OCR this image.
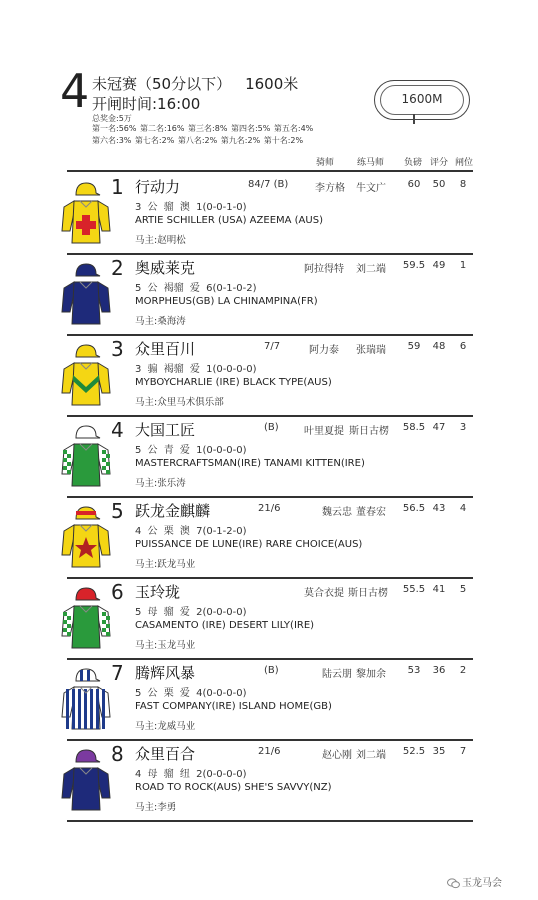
4 未冠赛（50分以下） 1600米
开闸时间:16:00
总奖金:5万
第一名:56% 第二名:16% 第三名:8% 第四名:5% 第五名:4%
第六名:3% 第七名:2% 第八名:2% 第九名:2% 第十名:2%
1600M
骑师	练马师 负磅 评分 闸位
1 行动力	84/7 (B)	李方格 牛文广	60	50	8
3 公 骝 澳 1(0-0-1-0)
ARTIE SCHILLER (USA) AZEEMA (AUS)
马主:赵明松
2 奥威莱克	阿拉得特 刘二端 59.5 49	1
5 公 褐骝 爱 6(0-1-0-2)
MORPHEUS(GB) LA CHINAMPINA(FR)
马主:桑海涛
3 众里百川	7/7	阿力泰 张瑞瑞	59	48	6
3 骟 褐骝 爱 1(0-0-0-0)
MYBOYCHARLIE (IRE) BLACK TYPE(AUS)
马主:众里马术俱乐部
4 大国工匠	(B)	叶里夏提 斯日古楞 58.5 47	3
5 公 青 爱 1(0-0-0-0)
MASTERCRAFTSMAN(IRE) TANAMI KITTEN(IRE)
马主:张乐涛
5 跃龙金麒麟	21/6	魏云忠 董春宏 56.5 43	4
4 公 栗 澳 7(0-1-2-0)
PUISSANCE DE LUNE(IRE) RARE CHOICE(AUS)
马主:跃龙马业
6 玉玲珑	莫合衣提 斯日古楞 55.5 41	5
5 母 骝 爱 2(0-0-0-0)
CASAMENTO (IRE) DESERT LILY(IRE)
马主:玉龙马业
7 腾辉风暴	(B)	陆云朋 黎加余	53	36	2
5 公 栗 爱 4(0-0-0-0)
FAST COMPANY(IRE) ISLAND HOME(GB)
马主:龙威马业
8 众里百合	21/6	赵心刚 刘二端 52.5 35	7
4 母 骝 纽 2(0-0-0-0)
ROAD TO ROCK(AUS) SHE'S SAVVY(NZ)
马主:李勇
玉龙马会
